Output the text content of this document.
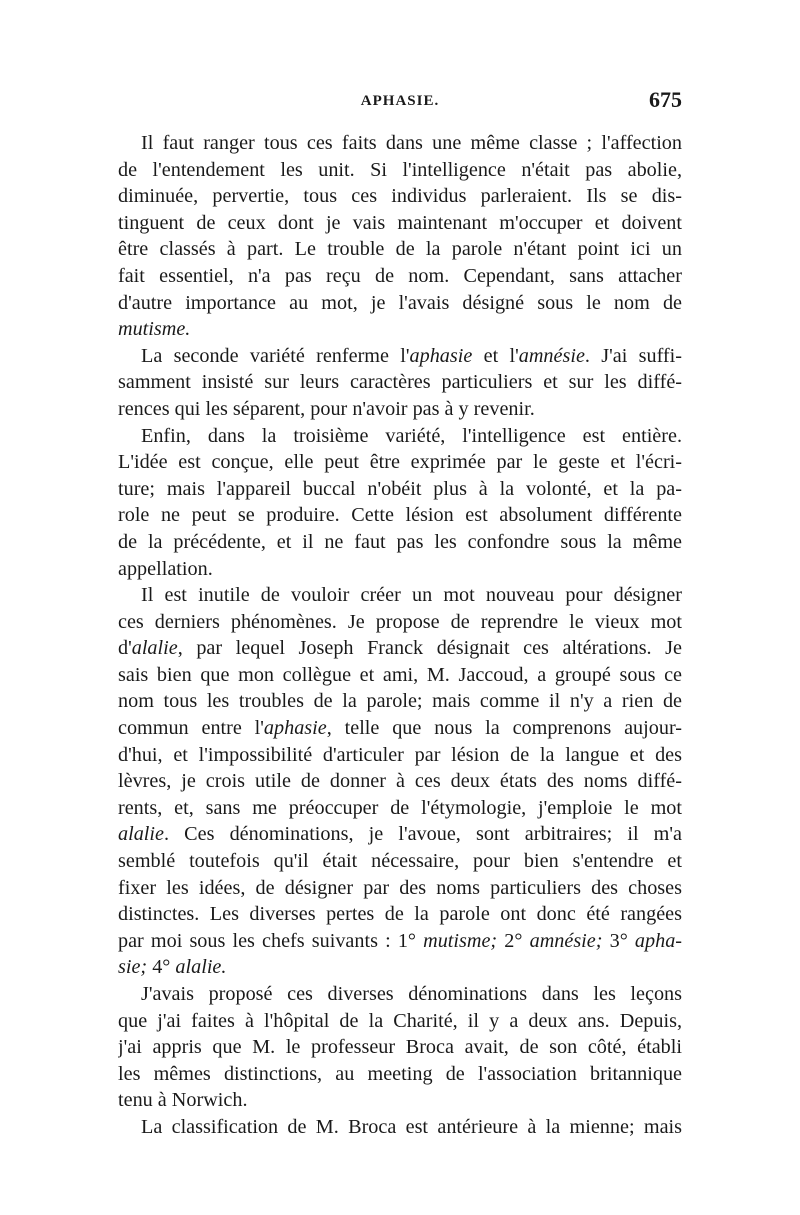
APHASIE.	675
Il faut ranger tous ces faits dans une même classe ; l'affection
de l'entendement les unit. Si l'intelligence n'était pas abolie,
diminuée, pervertie, tous ces individus parleraient. Ils se dis-
tinguent de ceux dont je vais maintenant m'occuper et doivent
être classés à part. Le trouble de la parole n'étant point ici un
fait essentiel, n'a pas reçu de nom. Cependant, sans attacher
d'autre importance au mot, je l'avais désigné sous le nom de
mutisme.
La seconde variété renferme l'aphasie et l'amnésie. J'ai suffi-
samment insisté sur leurs caractères particuliers et sur les diffé-
rences qui les séparent, pour n'avoir pas à y revenir.
Enfin, dans la troisième variété, l'intelligence est entière.
L'idée est conçue, elle peut être exprimée par le geste et l'écri-
ture; mais l'appareil buccal n'obéit plus à la volonté, et la pa-
role ne peut se produire. Cette lésion est absolument différente
de la précédente, et il ne faut pas les confondre sous la même
appellation.
Il est inutile de vouloir créer un mot nouveau pour désigner
ces derniers phénomènes. Je propose de reprendre le vieux mot
d'alalie, par lequel Joseph Franck désignait ces altérations. Je
sais bien que mon collègue et ami, M. Jaccoud, a groupé sous ce
nom tous les troubles de la parole; mais comme il n'y a rien de
commun entre l'aphasie, telle que nous la comprenons aujour-
d'hui, et l'impossibilité d'articuler par lésion de la langue et des
lèvres, je crois utile de donner à ces deux états des noms diffé-
rents, et, sans me préoccuper de l'étymologie, j'emploie le mot
alalie. Ces dénominations, je l'avoue, sont arbitraires; il m'a
semblé toutefois qu'il était nécessaire, pour bien s'entendre et
fixer les idées, de désigner par des noms particuliers des choses
distinctes. Les diverses pertes de la parole ont donc été rangées
par moi sous les chefs suivants : 1° mutisme; 2° amnésie; 3° apha-
sie; 4° alalie.
J'avais proposé ces diverses dénominations dans les leçons
que j'ai faites à l'hôpital de la Charité, il y a deux ans. Depuis,
j'ai appris que M. le professeur Broca avait, de son côté, établi
les mêmes distinctions, au meeting de l'association britannique
tenu à Norwich.
La classification de M. Broca est antérieure à la mienne; mais
